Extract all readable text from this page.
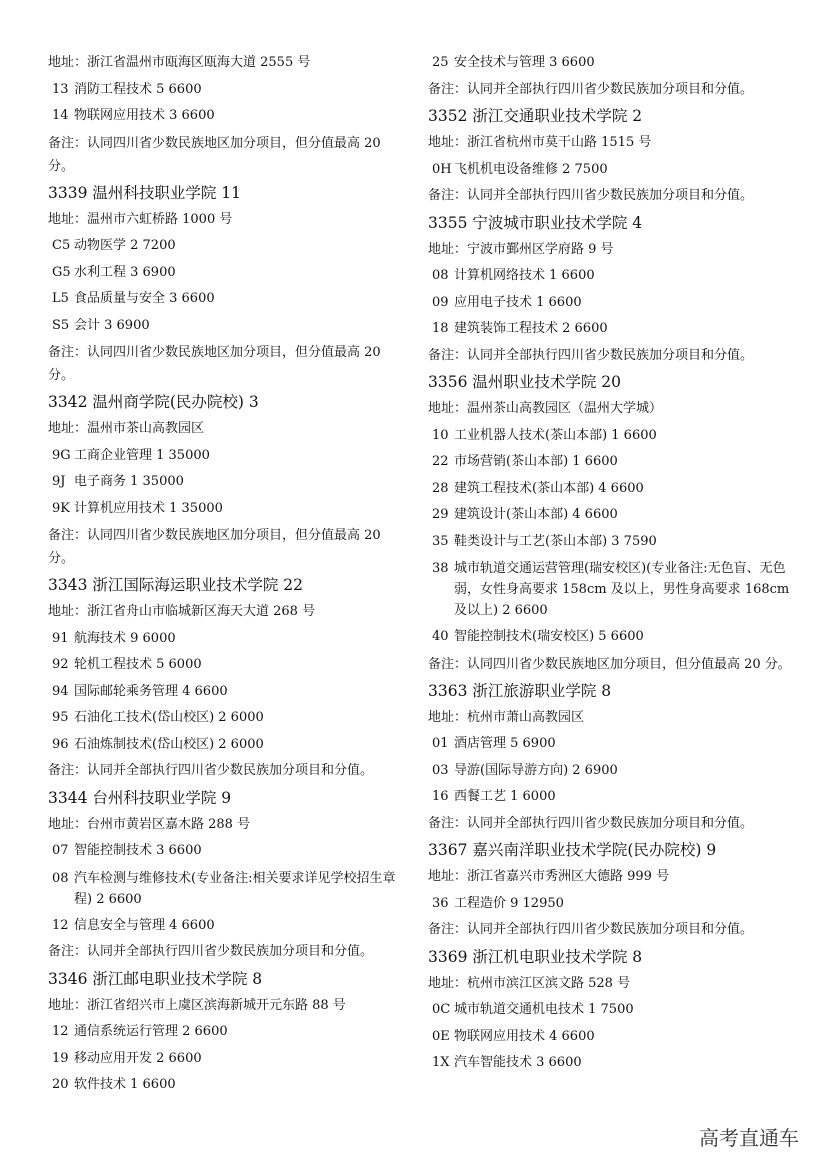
地址：浙江省温州市瓯海区瓯海大道 2555 号
13 消防工程技术 5 6600
14 物联网应用技术 3 6600
备注：认同四川省少数民族地区加分项目，但分值最高 20 分。
3339 温州科技职业学院 11
地址：温州市六虹桥路 1000 号
C5 动物医学 2 7200
G5 水利工程 3 6900
L5 食品质量与安全 3 6600
S5 会计 3 6900
备注：认同四川省少数民族地区加分项目，但分值最高 20 分。
3342 温州商学院(民办院校) 3
地址：温州市茶山高教园区
9G 工商企业管理 1 35000
9J 电子商务 1 35000
9K 计算机应用技术 1 35000
备注：认同四川省少数民族地区加分项目，但分值最高 20 分。
3343 浙江国际海运职业技术学院 22
地址：浙江省舟山市临城新区海天大道 268 号
91 航海技术 9 6000
92 轮机工程技术 5 6000
94 国际邮轮乘务管理 4 6600
95 石油化工技术(岱山校区) 2 6000
96 石油炼制技术(岱山校区) 2 6000
备注：认同并全部执行四川省少数民族加分项目和分值。
3344 台州科技职业学院 9
地址：台州市黄岩区嘉木路 288 号
07 智能控制技术 3 6600
08 汽车检测与维修技术(专业备注:相关要求详见学校招生章程) 2 6600
12 信息安全与管理 4 6600
备注：认同并全部执行四川省少数民族加分项目和分值。
3346 浙江邮电职业技术学院 8
地址：浙江省绍兴市上虞区滨海新城开元东路 88 号
12 通信系统运行管理 2 6600
19 移动应用开发 2 6600
20 软件技术 1 6600
25 安全技术与管理 3 6600
备注：认同并全部执行四川省少数民族加分项目和分值。
3352 浙江交通职业技术学院 2
地址：浙江省杭州市莫干山路 1515 号
0H 飞机机电设备维修 2 7500
备注：认同并全部执行四川省少数民族加分项目和分值。
3355 宁波城市职业技术学院 4
地址：宁波市鄞州区学府路 9 号
08 计算机网络技术 1 6600
09 应用电子技术 1 6600
18 建筑装饰工程技术 2 6600
备注：认同并全部执行四川省少数民族加分项目和分值。
3356 温州职业技术学院 20
地址：温州茶山高教园区（温州大学城）
10 工业机器人技术(茶山本部) 1 6600
22 市场营销(茶山本部) 1 6600
28 建筑工程技术(茶山本部) 4 6600
29 建筑设计(茶山本部) 4 6600
35 鞋类设计与工艺(茶山本部) 3 7590
38 城市轨道交通运营管理(瑞安校区)(专业备注:无色盲、无色弱，女性身高要求 158cm 及以上，男性身高要求 168cm 及以上) 2 6600
40 智能控制技术(瑞安校区) 5 6600
备注：认同四川省少数民族地区加分项目，但分值最高 20 分。
3363 浙江旅游职业学院 8
地址：杭州市萧山高教园区
01 酒店管理 5 6900
03 导游(国际导游方向) 2 6900
16 西餐工艺 1 6000
备注：认同并全部执行四川省少数民族加分项目和分值。
3367 嘉兴南洋职业技术学院(民办院校) 9
地址：浙江省嘉兴市秀洲区大德路 999 号
36 工程造价 9 12950
备注：认同并全部执行四川省少数民族加分项目和分值。
3369 浙江机电职业技术学院 8
地址：杭州市滨江区滨文路 528 号
0C 城市轨道交通机电技术 1 7500
0E 物联网应用技术 4 6600
1X 汽车智能技术 3 6600
高考直通车
